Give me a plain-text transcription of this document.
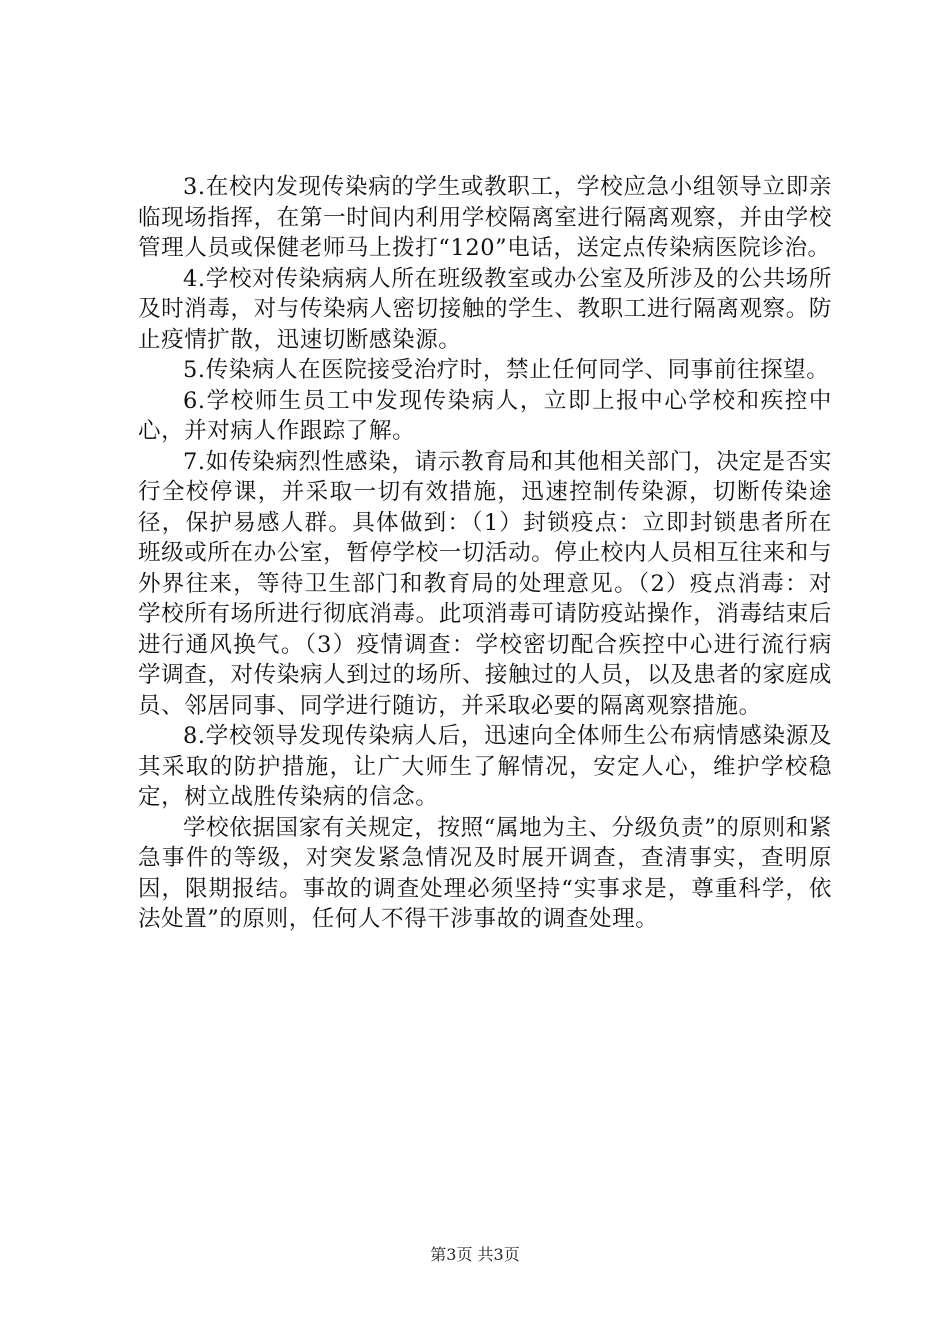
3.在校内发现传染病的学生或教职工，学校应急小组领导立即亲临现场指挥，在第一时间内利用学校隔离室进行隔离观察，并由学校管理人员或保健老师马上拨打“120”电话，送定点传染病医院诊治。

4.学校对传染病病人所在班级教室或办公室及所涉及的公共场所及时消毒，对与传染病人密切接触的学生、教职工进行隔离观察。防止疫情扩散，迅速切断感染源。

5.传染病人在医院接受治疗时，禁止任何同学、同事前往探望。

6.学校师生员工中发现传染病人，立即上报中心学校和疾控中心，并对病人作跟踪了解。

7.如传染病烈性感染，请示教育局和其他相关部门，决定是否实行全校停课，并采取一切有效措施，迅速控制传染源，切断传染途径，保护易感人群。具体做到：（1）封锁疫点：立即封锁患者所在班级或所在办公室，暂停学校一切活动。停止校内人员相互往来和与外界往来，等待卫生部门和教育局的处理意见。（2）疫点消毒：对学校所有场所进行彻底消毒。此项消毒可请防疫站操作，消毒结束后进行通风换气。（3）疫情调查：学校密切配合疾控中心进行流行病学调查，对传染病人到过的场所、接触过的人员，以及患者的家庭成员、邻居同事、同学进行随访，并采取必要的隔离观察措施。

8.学校领导发现传染病人后，迅速向全体师生公布病情感染源及其采取的防护措施，让广大师生了解情况，安定人心，维护学校稳定，树立战胜传染病的信念。

学校依据国家有关规定，按照“属地为主、分级负责”的原则和紧急事件的等级，对突发紧急情况及时展开调查，查清事实，查明原因，限期报结。事故的调查处理必须坚持“实事求是，尊重科学，依法处置”的原则，任何人不得干涉事故的调查处理。

第3页 共3页
